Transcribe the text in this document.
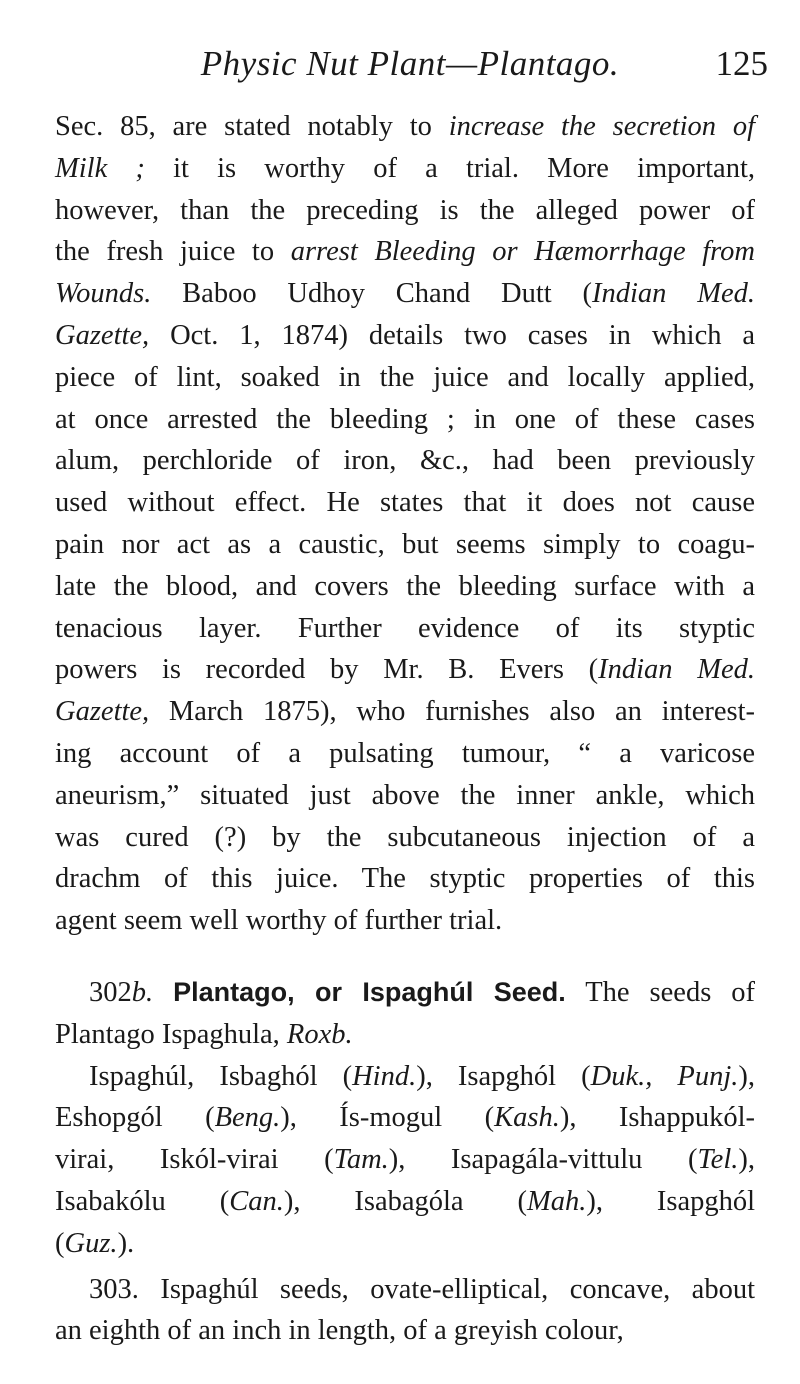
Physic Nut Plant—Plantago.	125
Sec. 85, are stated notably to increase the secretion of
Milk ; it is worthy of a trial. More important,
however, than the preceding is the alleged power of
the fresh juice to arrest Bleeding or Hæmorrhage from
Wounds. Baboo Udhoy Chand Dutt (Indian Med.
Gazette, Oct. 1, 1874) details two cases in which a
piece of lint, soaked in the juice and locally applied,
at once arrested the bleeding ; in one of these cases
alum, perchloride of iron, &c., had been previously
used without effect. He states that it does not cause
pain nor act as a caustic, but seems simply to coagu-
late the blood, and covers the bleeding surface with a
tenacious layer. Further evidence of its styptic
powers is recorded by Mr. B. Evers (Indian Med.
Gazette, March 1875), who furnishes also an interest-
ing account of a pulsating tumour, “ a varicose
aneurism,” situated just above the inner ankle, which
was cured (?) by the subcutaneous injection of a
drachm of this juice. The styptic properties of this
agent seem well worthy of further trial.
302b. Plantago, or Ispaghúl Seed. The seeds of
Plantago Ispaghula, Roxb.
Ispaghúl, Isbaghól (Hind.), Isapghól (Duk., Punj.),
Eshopgól (Beng.), Ís-mogul (Kash.), Ishappukól-
virai, Iskól-virai (Tam.), Isapagála-vittulu (Tel.),
Isabakólu (Can.), Isabagóla (Mah.), Isapghól
(Guz.).
303. Ispaghúl seeds, ovate-elliptical, concave, about
an eighth of an inch in length, of a greyish colour,
